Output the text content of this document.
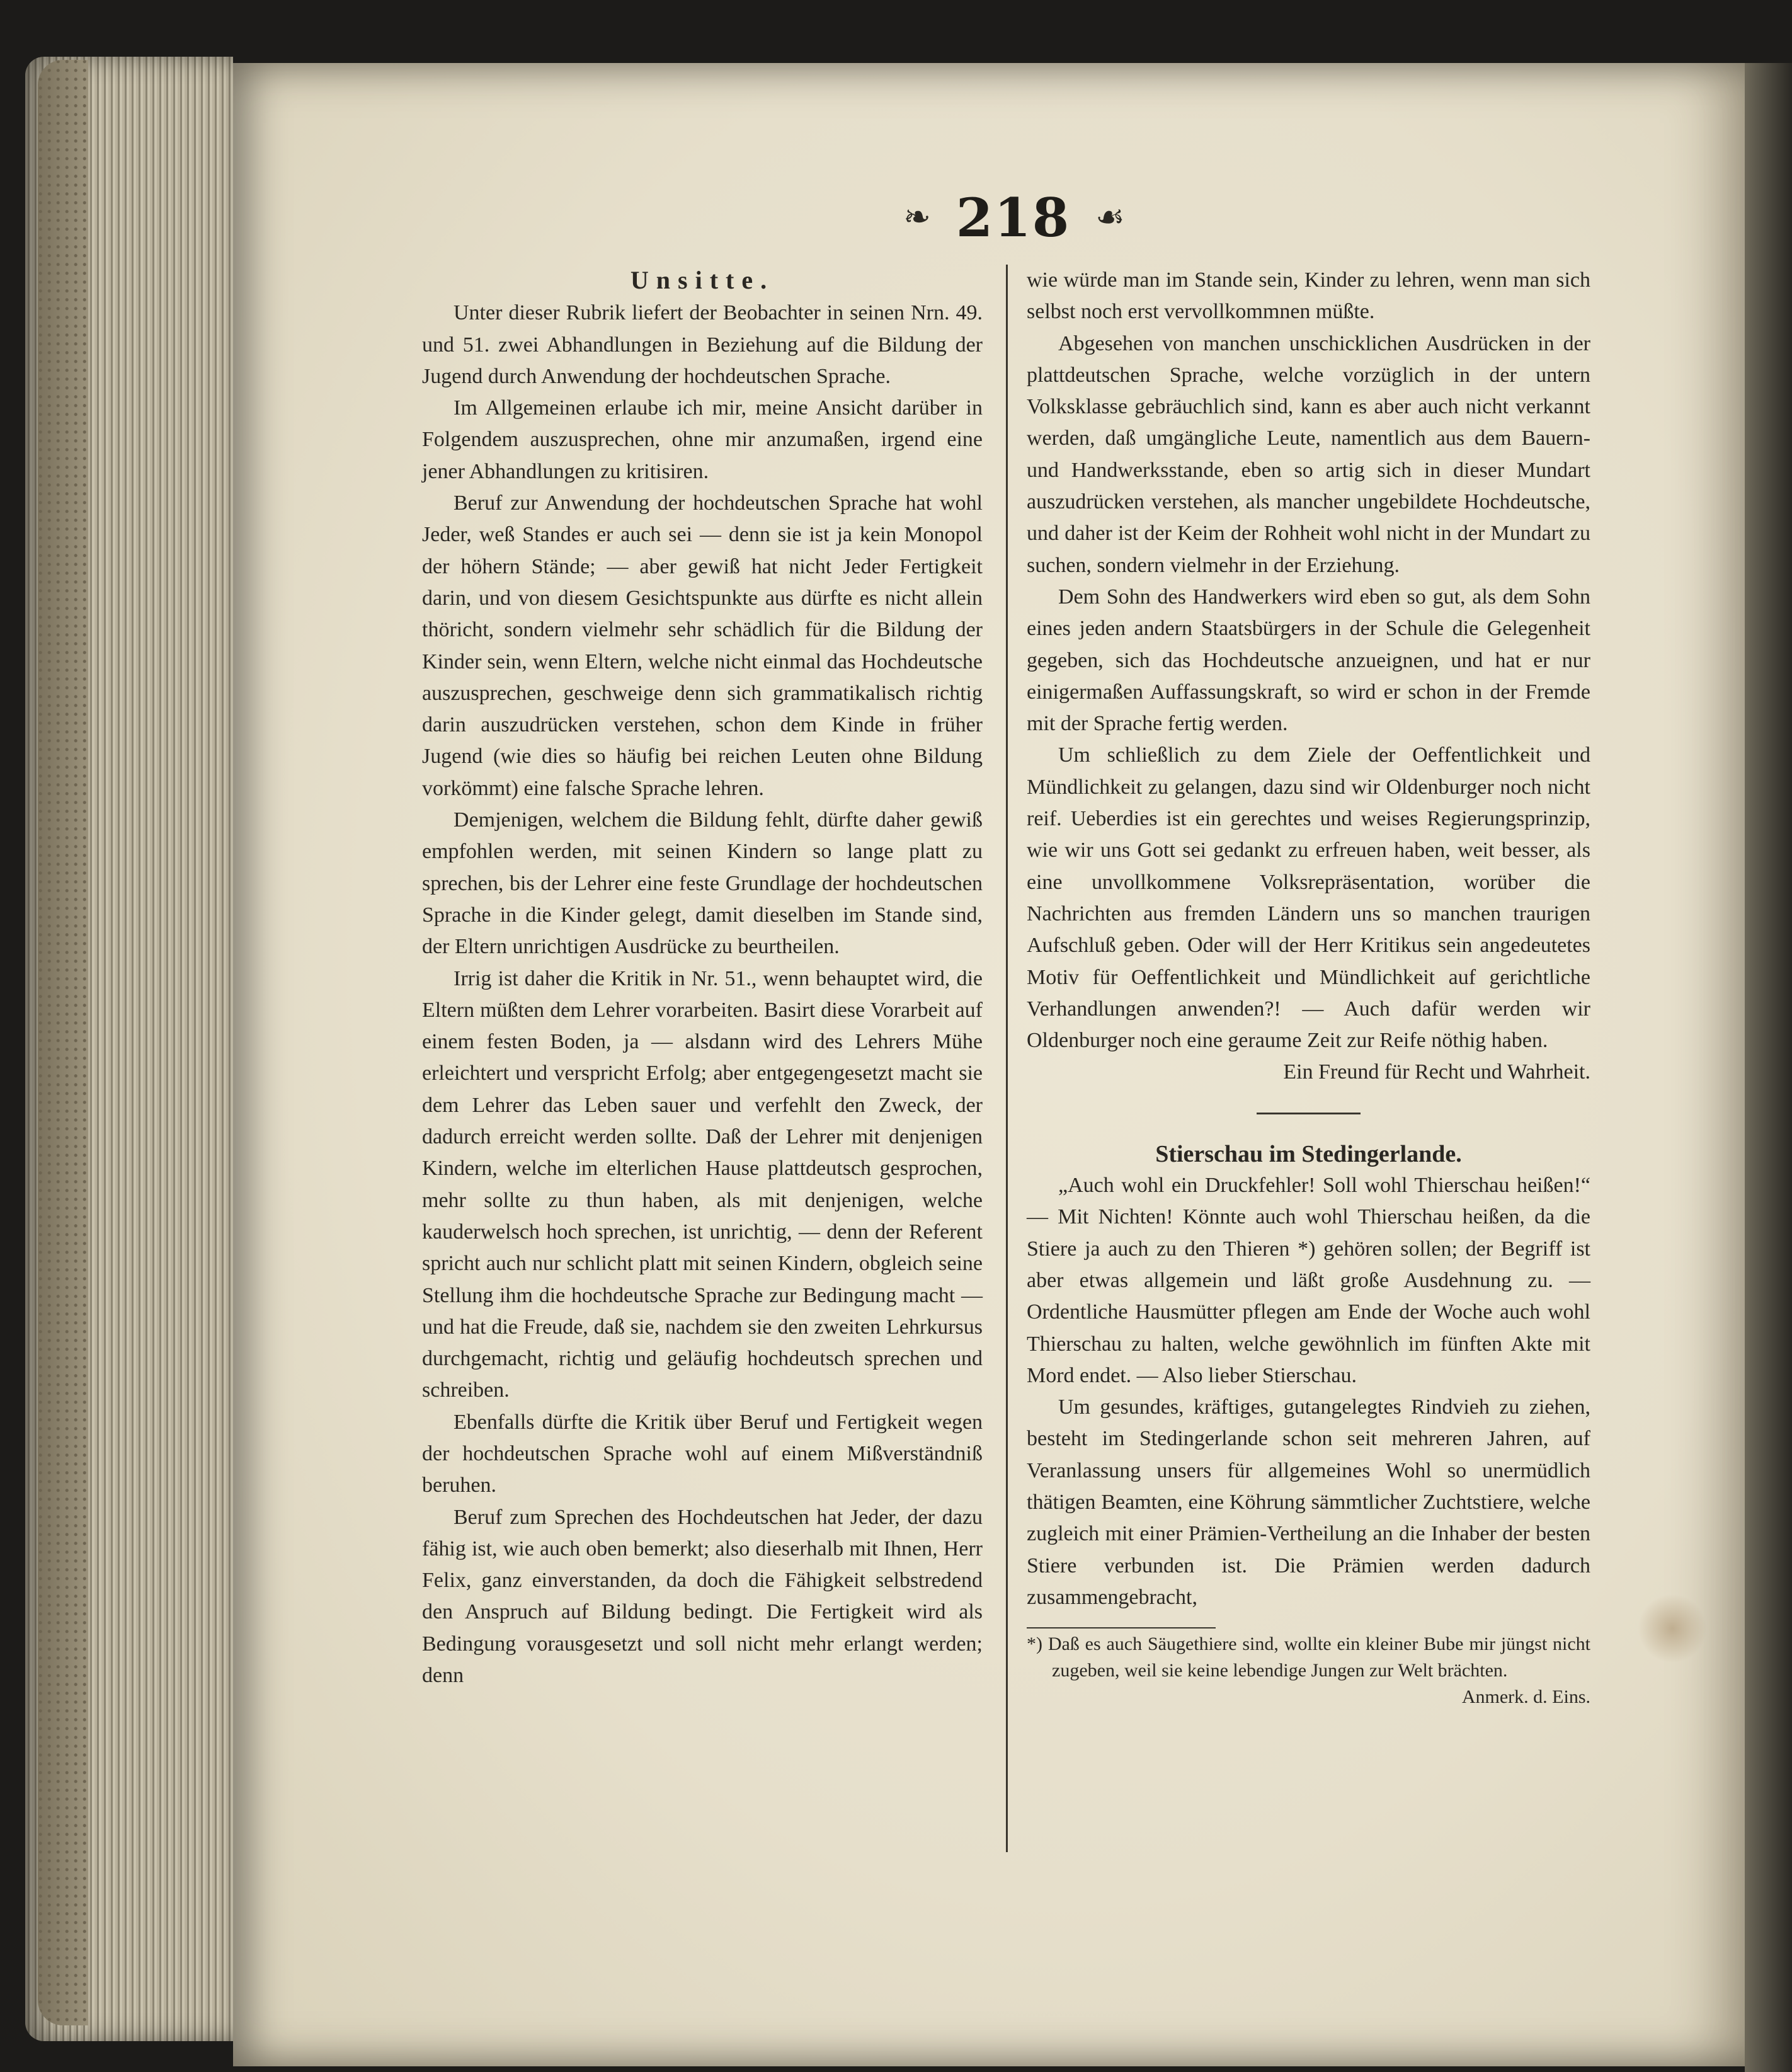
❧ 218 ☙

Unsitte.

Unter dieser Rubrik liefert der Beobachter in seinen Nrn. 49. und 51. zwei Abhandlungen in Beziehung auf die Bildung der Jugend durch Anwendung der hochdeutschen Sprache.

Im Allgemeinen erlaube ich mir, meine Ansicht darüber in Folgendem auszusprechen, ohne mir anzumaßen, irgend eine jener Abhandlungen zu kritisiren.

Beruf zur Anwendung der hochdeutschen Sprache hat wohl Jeder, weß Standes er auch sei — denn sie ist ja kein Monopol der höhern Stände; — aber gewiß hat nicht Jeder Fertigkeit darin, und von diesem Gesichtspunkte aus dürfte es nicht allein thöricht, sondern vielmehr sehr schädlich für die Bildung der Kinder sein, wenn Eltern, welche nicht einmal das Hochdeutsche auszusprechen, geschweige denn sich grammatikalisch richtig darin auszudrücken verstehen, schon dem Kinde in früher Jugend (wie dies so häufig bei reichen Leuten ohne Bildung vorkömmt) eine falsche Sprache lehren.

Demjenigen, welchem die Bildung fehlt, dürfte daher gewiß empfohlen werden, mit seinen Kindern so lange platt zu sprechen, bis der Lehrer eine feste Grundlage der hochdeutschen Sprache in die Kinder gelegt, damit dieselben im Stande sind, der Eltern unrichtigen Ausdrücke zu beurtheilen.

Irrig ist daher die Kritik in Nr. 51., wenn behauptet wird, die Eltern müßten dem Lehrer vorarbeiten. Basirt diese Vorarbeit auf einem festen Boden, ja — alsdann wird des Lehrers Mühe erleichtert und verspricht Erfolg; aber entgegengesetzt macht sie dem Lehrer das Leben sauer und verfehlt den Zweck, der dadurch erreicht werden sollte. Daß der Lehrer mit denjenigen Kindern, welche im elterlichen Hause plattdeutsch gesprochen, mehr sollte zu thun haben, als mit denjenigen, welche kauderwelsch hoch sprechen, ist unrichtig, — denn der Referent spricht auch nur schlicht platt mit seinen Kindern, obgleich seine Stellung ihm die hochdeutsche Sprache zur Bedingung macht — und hat die Freude, daß sie, nachdem sie den zweiten Lehrkursus durchgemacht, richtig und geläufig hochdeutsch sprechen und schreiben.

Ebenfalls dürfte die Kritik über Beruf und Fertigkeit wegen der hochdeutschen Sprache wohl auf einem Mißverständniß beruhen.

Beruf zum Sprechen des Hochdeutschen hat Jeder, der dazu fähig ist, wie auch oben bemerkt; also dieserhalb mit Ihnen, Herr Felix, ganz einverstanden, da doch die Fähigkeit selbstredend den Anspruch auf Bildung bedingt. Die Fertigkeit wird als Bedingung vorausgesetzt und soll nicht mehr erlangt werden; denn

wie würde man im Stande sein, Kinder zu lehren, wenn man sich selbst noch erst vervollkommnen müßte.

Abgesehen von manchen unschicklichen Ausdrücken in der plattdeutschen Sprache, welche vorzüglich in der untern Volksklasse gebräuchlich sind, kann es aber auch nicht verkannt werden, daß umgängliche Leute, namentlich aus dem Bauern- und Handwerksstande, eben so artig sich in dieser Mundart auszudrücken verstehen, als mancher ungebildete Hochdeutsche, und daher ist der Keim der Rohheit wohl nicht in der Mundart zu suchen, sondern vielmehr in der Erziehung.

Dem Sohn des Handwerkers wird eben so gut, als dem Sohn eines jeden andern Staatsbürgers in der Schule die Gelegenheit gegeben, sich das Hochdeutsche anzueignen, und hat er nur einigermaßen Auffassungskraft, so wird er schon in der Fremde mit der Sprache fertig werden.

Um schließlich zu dem Ziele der Oeffentlichkeit und Mündlichkeit zu gelangen, dazu sind wir Oldenburger noch nicht reif. Ueberdies ist ein gerechtes und weises Regierungsprinzip, wie wir uns Gott sei gedankt zu erfreuen haben, weit besser, als eine unvollkommene Volksrepräsentation, worüber die Nachrichten aus fremden Ländern uns so manchen traurigen Aufschluß geben. Oder will der Herr Kritikus sein angedeutetes Motiv für Oeffentlichkeit und Mündlichkeit auf gerichtliche Verhandlungen anwenden?! — Auch dafür werden wir Oldenburger noch eine geraume Zeit zur Reife nöthig haben.

Ein Freund für Recht und Wahrheit.

Stierschau im Stedingerlande.

„Auch wohl ein Druckfehler! Soll wohl Thierschau heißen!“ — Mit Nichten! Könnte auch wohl Thierschau heißen, da die Stiere ja auch zu den Thieren *) gehören sollen; der Begriff ist aber etwas allgemein und läßt große Ausdehnung zu. — Ordentliche Hausmütter pflegen am Ende der Woche auch wohl Thierschau zu halten, welche gewöhnlich im fünften Akte mit Mord endet. — Also lieber Stierschau.

Um gesundes, kräftiges, gutangelegtes Rindvieh zu ziehen, besteht im Stedingerlande schon seit mehreren Jahren, auf Veranlassung unsers für allgemeines Wohl so unermüdlich thätigen Beamten, eine Köhrung sämmtlicher Zuchtstiere, welche zugleich mit einer Prämien-Vertheilung an die Inhaber der besten Stiere verbunden ist. Die Prämien werden dadurch zusammengebracht,

*) Daß es auch Säugethiere sind, wollte ein kleiner Bube mir jüngst nicht zugeben, weil sie keine lebendige Jungen zur Welt brächten.

Anmerk. d. Eins.
